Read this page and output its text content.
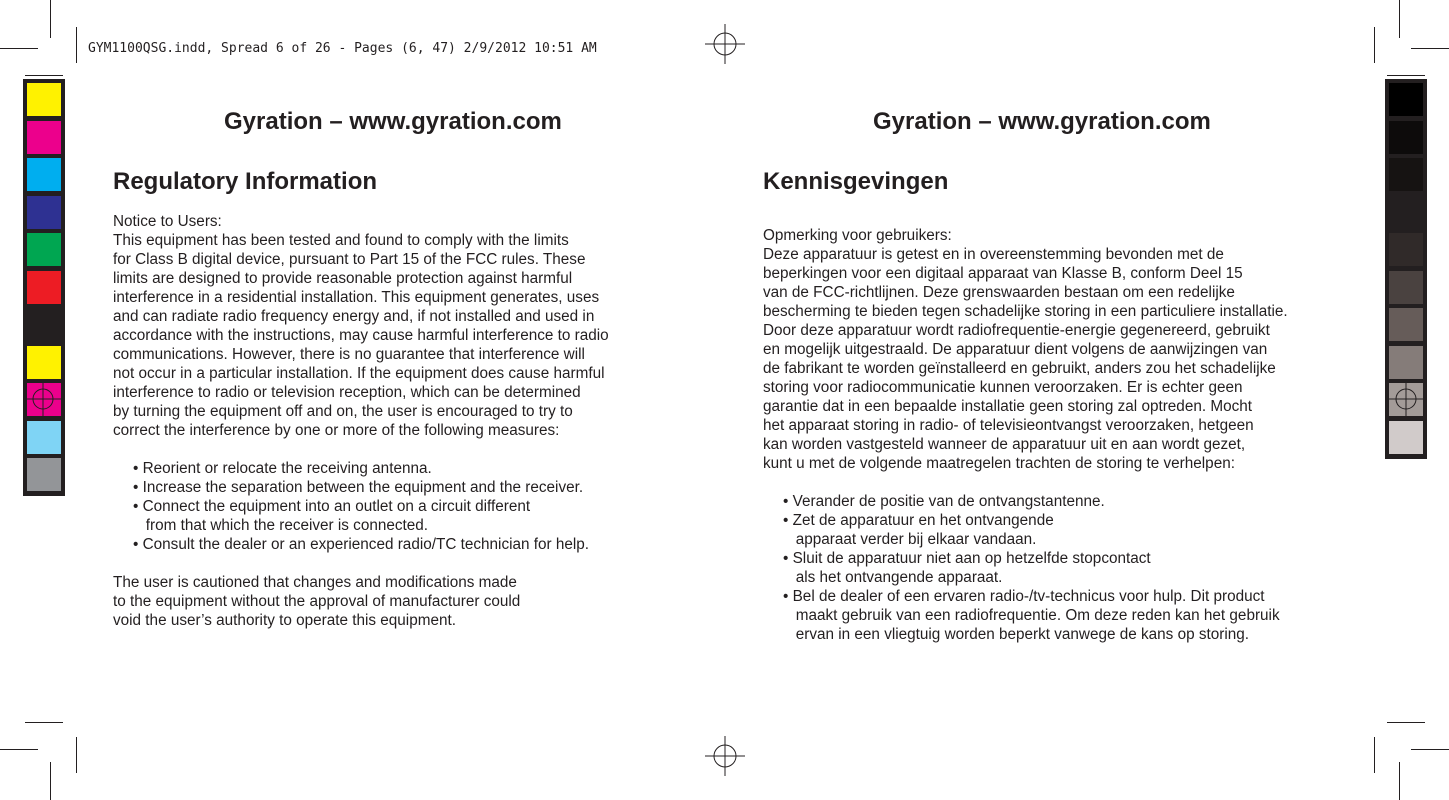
GYM1100QSG.indd, Spread 6 of 26 - Pages (6, 47) 2/9/2012 10:51 AM
Gyration – www.gyration.com
Regulatory Information
Notice to Users:
This equipment has been tested and found to comply with the limits
for Class B digital device, pursuant to Part 15 of the FCC rules. These
limits are designed to provide reasonable protection against harmful
interference in a residential installation. This equipment generates, uses
and can radiate radio frequency energy and, if not installed and used in
accordance with the instructions, may cause harmful interference to radio
communications. However, there is no guarantee that interference will
not occur in a particular installation. If the equipment does cause harmful
interference to radio or television reception, which can be determined
by turning the equipment off and on, the user is encouraged to try to
correct the interference by one or more of the following measures:
• Reorient or relocate the receiving antenna.
• Increase the separation between the equipment and the receiver.
• Connect the equipment into an outlet on a circuit different
from that which the receiver is connected.
• Consult the dealer or an experienced radio/TC technician for help.
The user is cautioned that changes and modifications made
to the equipment without the approval of manufacturer could
void the user’s authority to operate this equipment.
Gyration – www.gyration.com
Kennisgevingen
Opmerking voor gebruikers:
Deze apparatuur is getest en in overeenstemming bevonden met de
beperkingen voor een digitaal apparaat van Klasse B, conform Deel 15
van de FCC-richtlijnen. Deze grenswaarden bestaan om een redelijke
bescherming te bieden tegen schadelijke storing in een particuliere installatie.
Door deze apparatuur wordt radiofrequentie-energie gegenereerd, gebruikt
en mogelijk uitgestraald. De apparatuur dient volgens de aanwijzingen van
de fabrikant te worden geïnstalleerd en gebruikt, anders zou het schadelijke
storing voor radiocommunicatie kunnen veroorzaken. Er is echter geen
garantie dat in een bepaalde installatie geen storing zal optreden. Mocht
het apparaat storing in radio- of televisieontvangst veroorzaken, hetgeen
kan worden vastgesteld wanneer de apparatuur uit en aan wordt gezet,
kunt u met de volgende maatregelen trachten de storing te verhelpen:
• Verander de positie van de ontvangstantenne.
• Zet de apparatuur en het ontvangende
apparaat verder bij elkaar vandaan.
• Sluit de apparatuur niet aan op hetzelfde stopcontact
als het ontvangende apparaat.
• Bel de dealer of een ervaren radio-/tv-technicus voor hulp. Dit product
maakt gebruik van een radiofrequentie. Om deze reden kan het gebruik
ervan in een vliegtuig worden beperkt vanwege de kans op storing.
